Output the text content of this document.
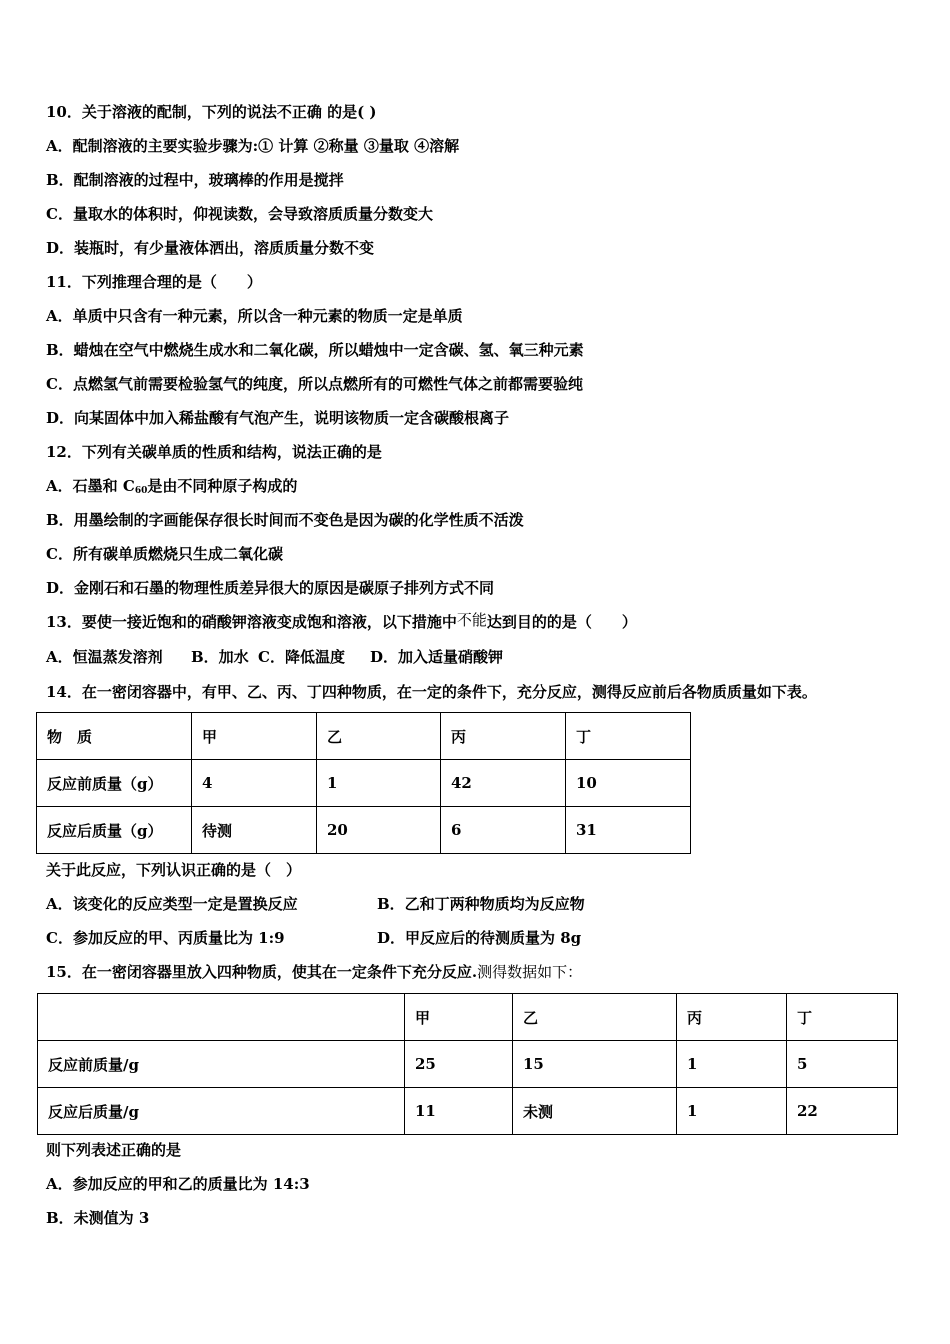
10．关于溶液的配制，下列的说法不正确 的是( )
A．配制溶液的主要实验步骤为:① 计算 ②称量 ③量取 ④溶解
B．配制溶液的过程中，玻璃棒的作用是搅拌
C．量取水的体积时，仰视读数，会导致溶质质量分数变大
D．装瓶时，有少量液体洒出，溶质质量分数不变
11．下列推理合理的是（　　）
A．单质中只含有一种元素，所以含一种元素的物质一定是单质
B．蜡烛在空气中燃烧生成水和二氧化碳，所以蜡烛中一定含碳、氢、氧三种元素
C．点燃氢气前需要检验氢气的纯度，所以点燃所有的可燃性气体之前都需要验纯
D．向某固体中加入稀盐酸有气泡产生，说明该物质一定含碳酸根离子
12．下列有关碳单质的性质和结构，说法正确的是
A．石墨和 $C_{60}$是由不同种原子构成的
B．用墨绘制的字画能保存很长时间而不变色是因为碳的化学性质不活泼
C．所有碳单质燃烧只生成二氧化碳
D．金刚石和石墨的物理性质差异很大的原因是碳原子排列方式不同
13．要使一接近饱和的硝酸钾溶液变成饱和溶液，以下措施中不能达到目的的是（　　）
A．恒温蒸发溶剂 B．加水 C．降低温度 D．加入适量硝酸钾
14．在一密闭容器中，有甲、乙、丙、丁四种物质，在一定的条件下，充分反应，测得反应前后各物质质量如下表。
物　质	甲	乙	丙	丁
反应前质量（g）	4	1	42	10
反应后质量（g）	待测	20	6	31
关于此反应，下列认识正确的是（　）
A．该变化的反应类型一定是置换反应	B．乙和丁两种物质均为反应物
C．参加反应的甲、丙质量比为 1:9	D．甲反应后的待测质量为 8g
15．在一密闭容器里放入四种物质，使其在一定条件下充分反应.测得数据如下：
	甲	乙	丙	丁
反应前质量/g	25	15	1	5
反应后质量/g	11	未测	1	22
则下列表述正确的是
A．参加反应的甲和乙的质量比为 14:3
B．未测值为 3
